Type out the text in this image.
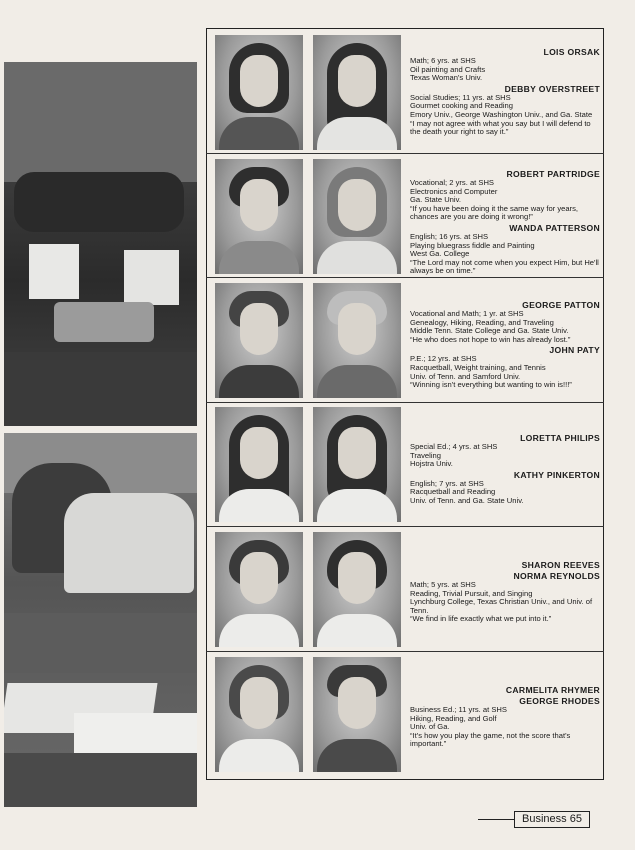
LOIS ORSAK
Math; 6 yrs. at SHS
Oil painting and Crafts
Texas Woman's Univ.
DEBBY OVERSTREET
Social Studies; 11 yrs. at SHS
Gourmet cooking and Reading
Emory Univ., George Washington Univ., and Ga. State
“I may not agree with what you say but I will defend to the death your right to say it.”
ROBERT PARTRIDGE
Vocational; 2 yrs. at SHS
Electronics and Computer
Ga. State Univ.
“If you have been doing it the same way for years, chances are you are doing it wrong!”
WANDA PATTERSON
English; 16 yrs. at SHS
Playing bluegrass fiddle and Painting
West Ga. College
“The Lord may not come when you expect Him, but He'll always be on time.”
GEORGE PATTON
Vocational and Math; 1 yr. at SHS
Genealogy, Hiking, Reading, and Traveling
Middle Tenn. State College and Ga. State Univ.
“He who does not hope to win has already lost.”
JOHN PATY
P.E.; 12 yrs. at SHS
Racquetball, Weight training, and Tennis
Univ. of Tenn. and Samford Univ.
“Winning isn't everything but wanting to win is!!!”
LORETTA PHILIPS
Special Ed.; 4 yrs. at SHS
Traveling
Hojstra Univ.
KATHY PINKERTON
English; 7 yrs. at SHS
Racquetball and Reading
Univ. of Tenn. and Ga. State Univ.
SHARON REEVES
NORMA REYNOLDS
Math; 5 yrs. at SHS
Reading, Trivial Pursuit, and Singing
Lynchburg College, Texas Christian Univ., and Univ. of Tenn.
“We find in life exactly what we put into it.”
CARMELITA RHYMER
GEORGE RHODES
Business Ed.; 11 yrs. at SHS
Hiking, Reading, and Golf
Univ. of Ga.
“It's how you play the game, not the score that's important.”
Business 65
